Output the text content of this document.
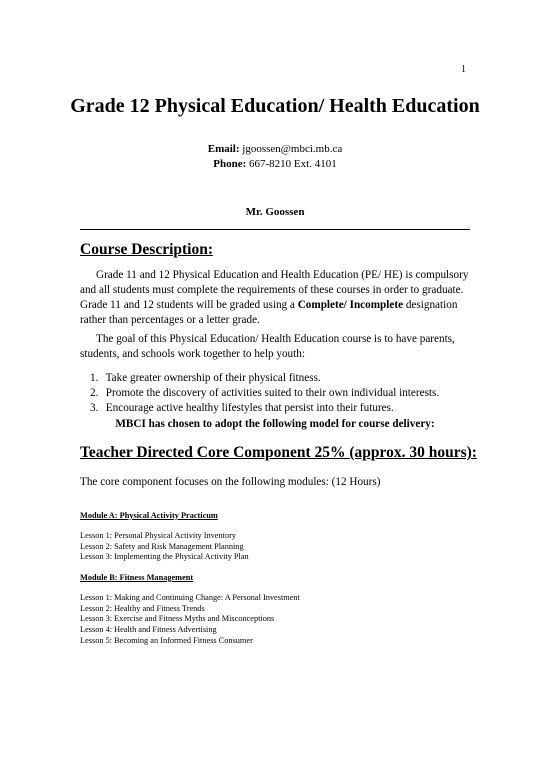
1
Grade 12 Physical Education/ Health Education
Email: jgoossen@mbci.mb.ca
Phone: 667-8210 Ext. 4101
Mr. Goossen
Course Description:
Grade 11 and 12 Physical Education and Health Education (PE/ HE) is compulsory and all students must complete the requirements of these courses in order to graduate. Grade 11 and 12 students will be graded using a Complete/ Incomplete designation rather than percentages or a letter grade.
The goal of this Physical Education/ Health Education course is to have parents, students, and schools work together to help youth:
1. Take greater ownership of their physical fitness.
2. Promote the discovery of activities suited to their own individual interests.
3. Encourage active healthy lifestyles that persist into their futures.
MBCI has chosen to adopt the following model for course delivery:
Teacher Directed Core Component 25% (approx. 30 hours):
The core component focuses on the following modules: (12 Hours)
Module A: Physical Activity Practicum
Lesson 1: Personal Physical Activity Inventory
Lesson 2: Safety and Risk Management Planning
Lesson 3: Implementing the Physical Activity Plan
Module B: Fitness Management
Lesson 1: Making and Continuing Change: A Personal Investment
Lesson 2: Healthy and Fitness Trends
Lesson 3: Exercise and Fitness Myths and Misconceptions
Lesson 4: Health and Fitness Advertising
Lesson 5: Becoming an Informed Fitness Consumer
